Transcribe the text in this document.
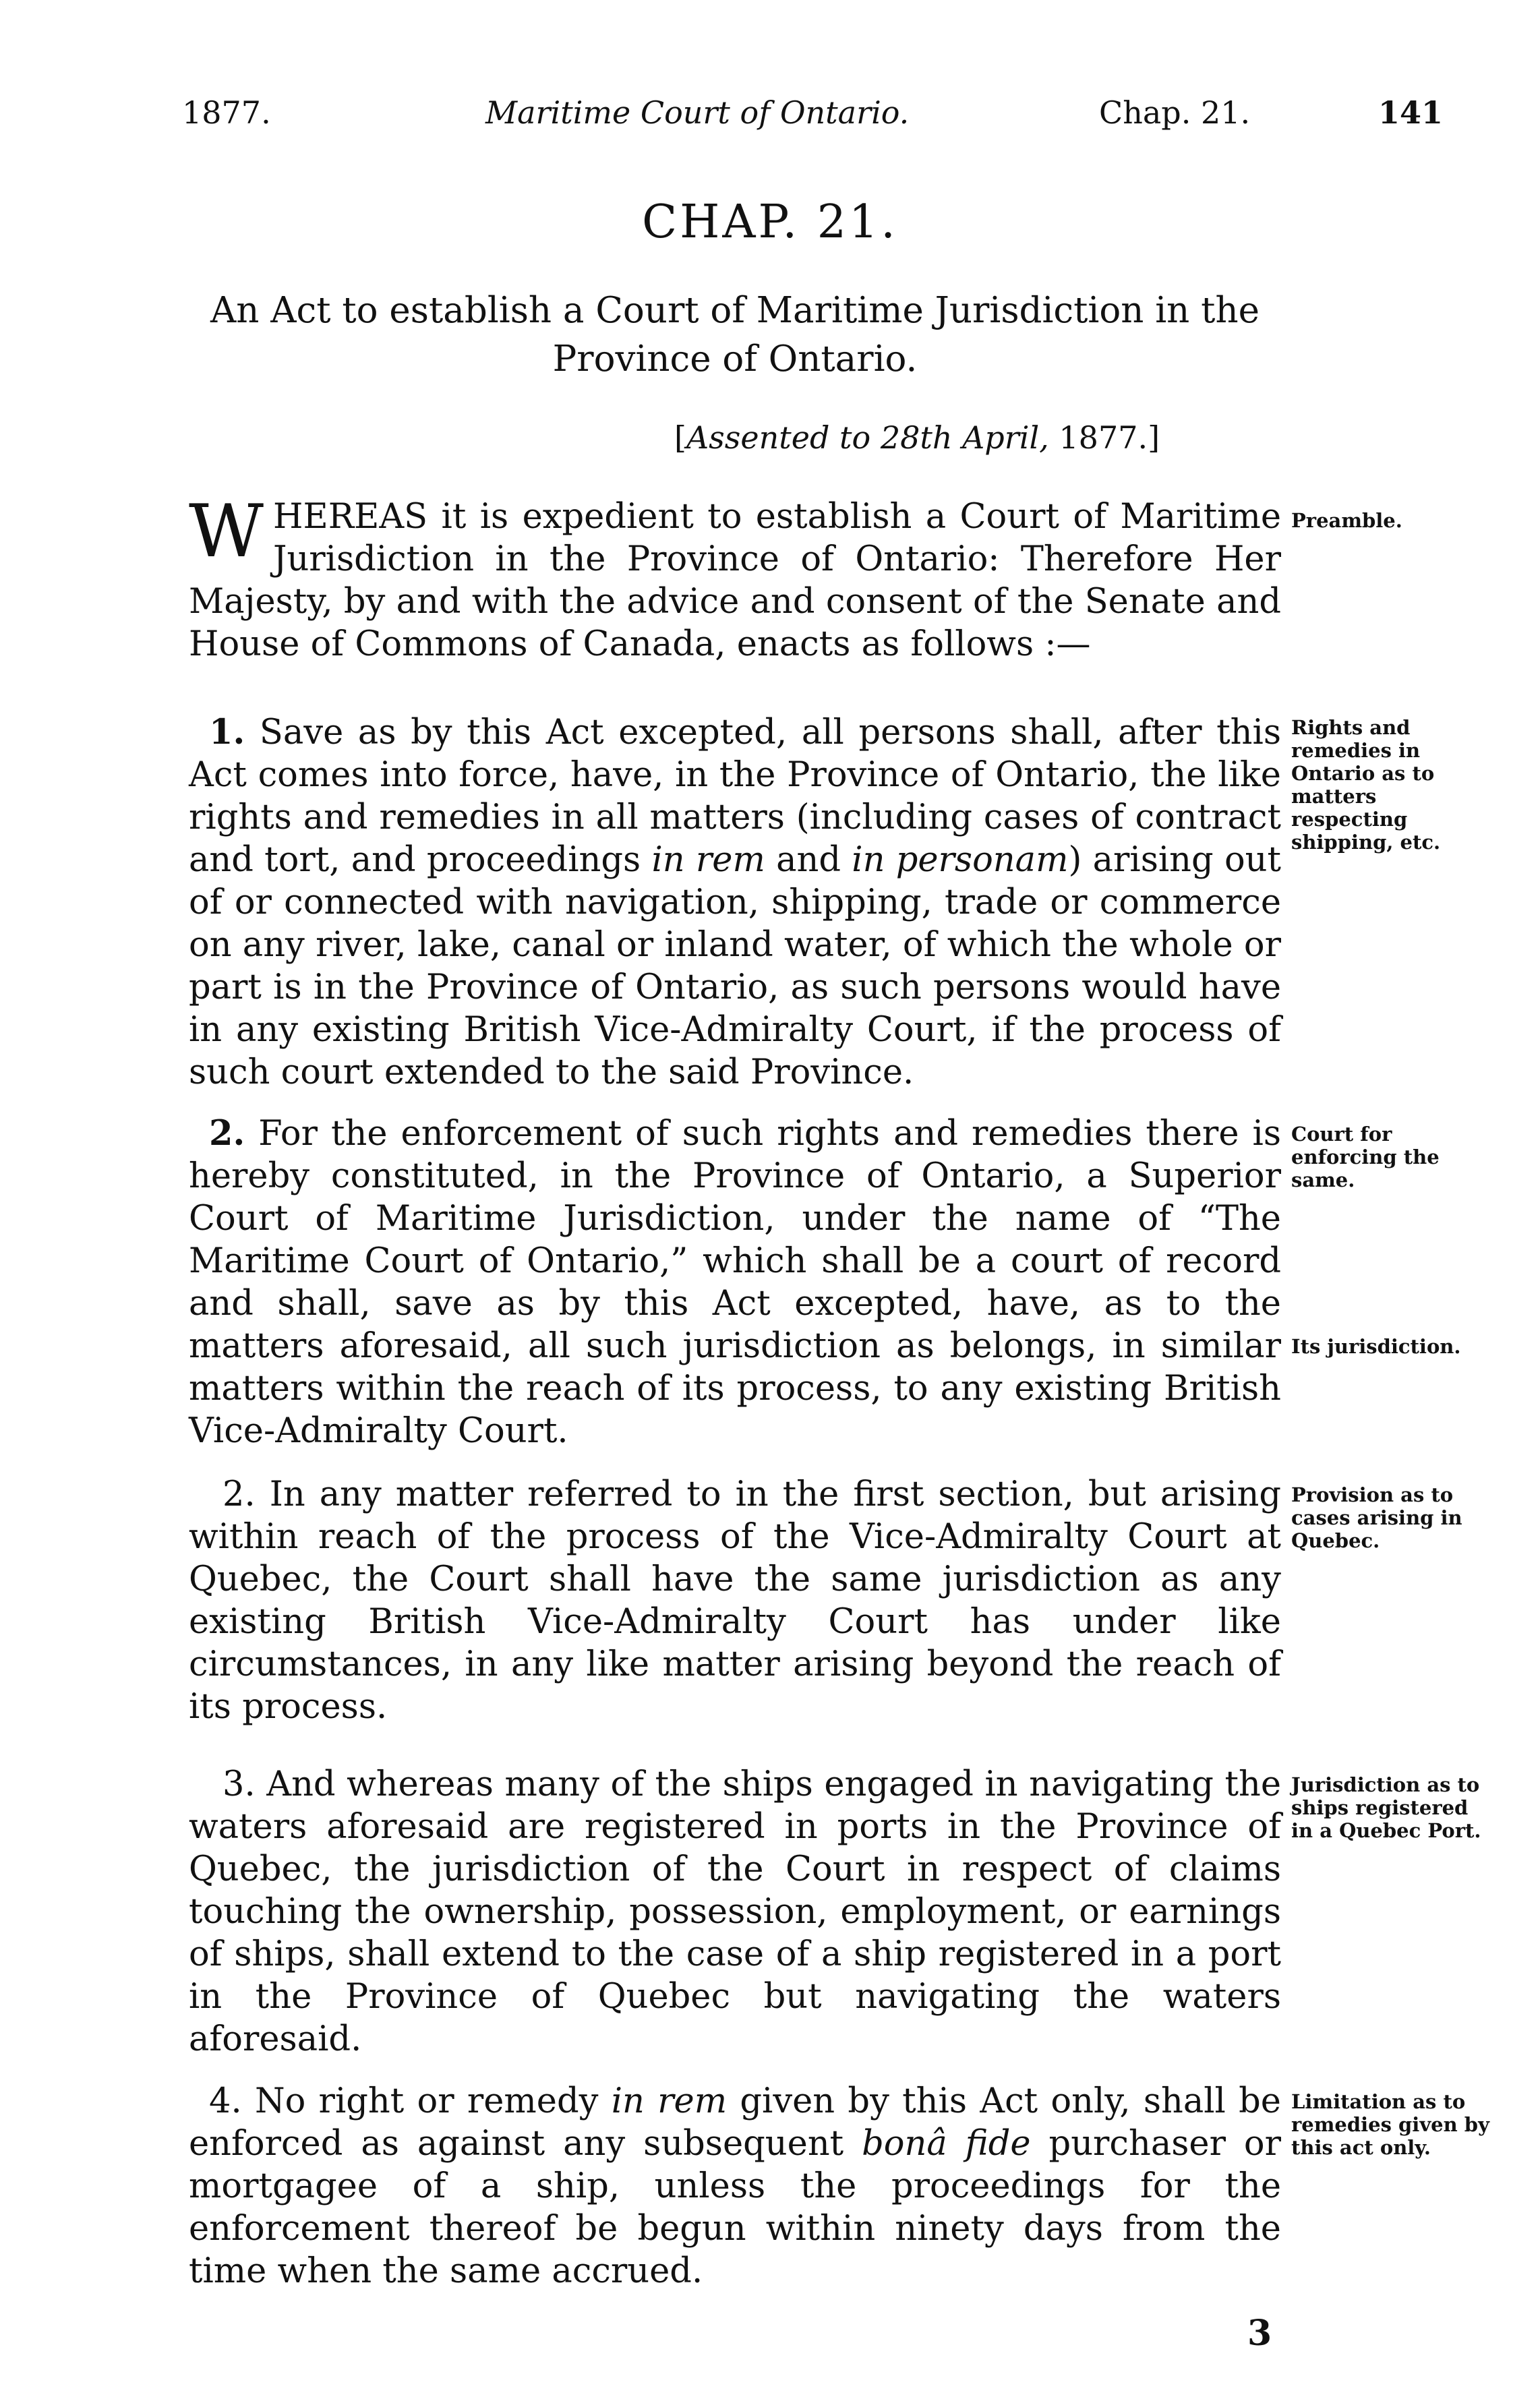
1877.	Maritime Court of Ontario.	Chap. 21.	141
CHAP. 21.
An Act to establish a Court of Maritime Jurisdiction in the Province of Ontario.
[Assented to 28th April, 1877.]
WHEREAS it is expedient to establish a Court of Maritime Jurisdiction in the Province of Ontario: Therefore Her Majesty, by and with the advice and consent of the Senate and House of Commons of Canada, enacts as follows :—
Preamble.
1. Save as by this Act excepted, all persons shall, after this Act comes into force, have, in the Province of Ontario, the like rights and remedies in all matters (including cases of contract and tort, and proceedings in rem and in personam) arising out of or connected with navigation, shipping, trade or commerce on any river, lake, canal or inland water, of which the whole or part is in the Province of Ontario, as such persons would have in any existing British Vice-Admiralty Court, if the process of such court extended to the said Province.
Rights and remedies in Ontario as to matters respecting shipping, etc.
2. For the enforcement of such rights and remedies there is hereby constituted, in the Province of Ontario, a Superior Court of Maritime Jurisdiction, under the name of “The Maritime Court of Ontario,” which shall be a court of record and shall, save as by this Act excepted, have, as to the matters aforesaid, all such jurisdiction as belongs, in similar matters within the reach of its process, to any existing British Vice-Admiralty Court.
Court for enforcing the same.
Its jurisdiction.
2. In any matter referred to in the first section, but arising within reach of the process of the Vice-Admiralty Court at Quebec, the Court shall have the same jurisdiction as any existing British Vice-Admiralty Court has under like circumstances, in any like matter arising beyond the reach of its process.
Provision as to cases arising in Quebec.
3. And whereas many of the ships engaged in navigating the waters aforesaid are registered in ports in the Province of Quebec, the jurisdiction of the Court in respect of claims touching the ownership, possession, employment, or earnings of ships, shall extend to the case of a ship registered in a port in the Province of Quebec but navigating the waters aforesaid.
Jurisdiction as to ships registered in a Quebec Port.
4. No right or remedy in rem given by this Act only, shall be enforced as against any subsequent bonâ fide purchaser or mortgagee of a ship, unless the proceedings for the enforcement thereof be begun within ninety days from the time when the same accrued.
Limitation as to remedies given by this act only.
3
